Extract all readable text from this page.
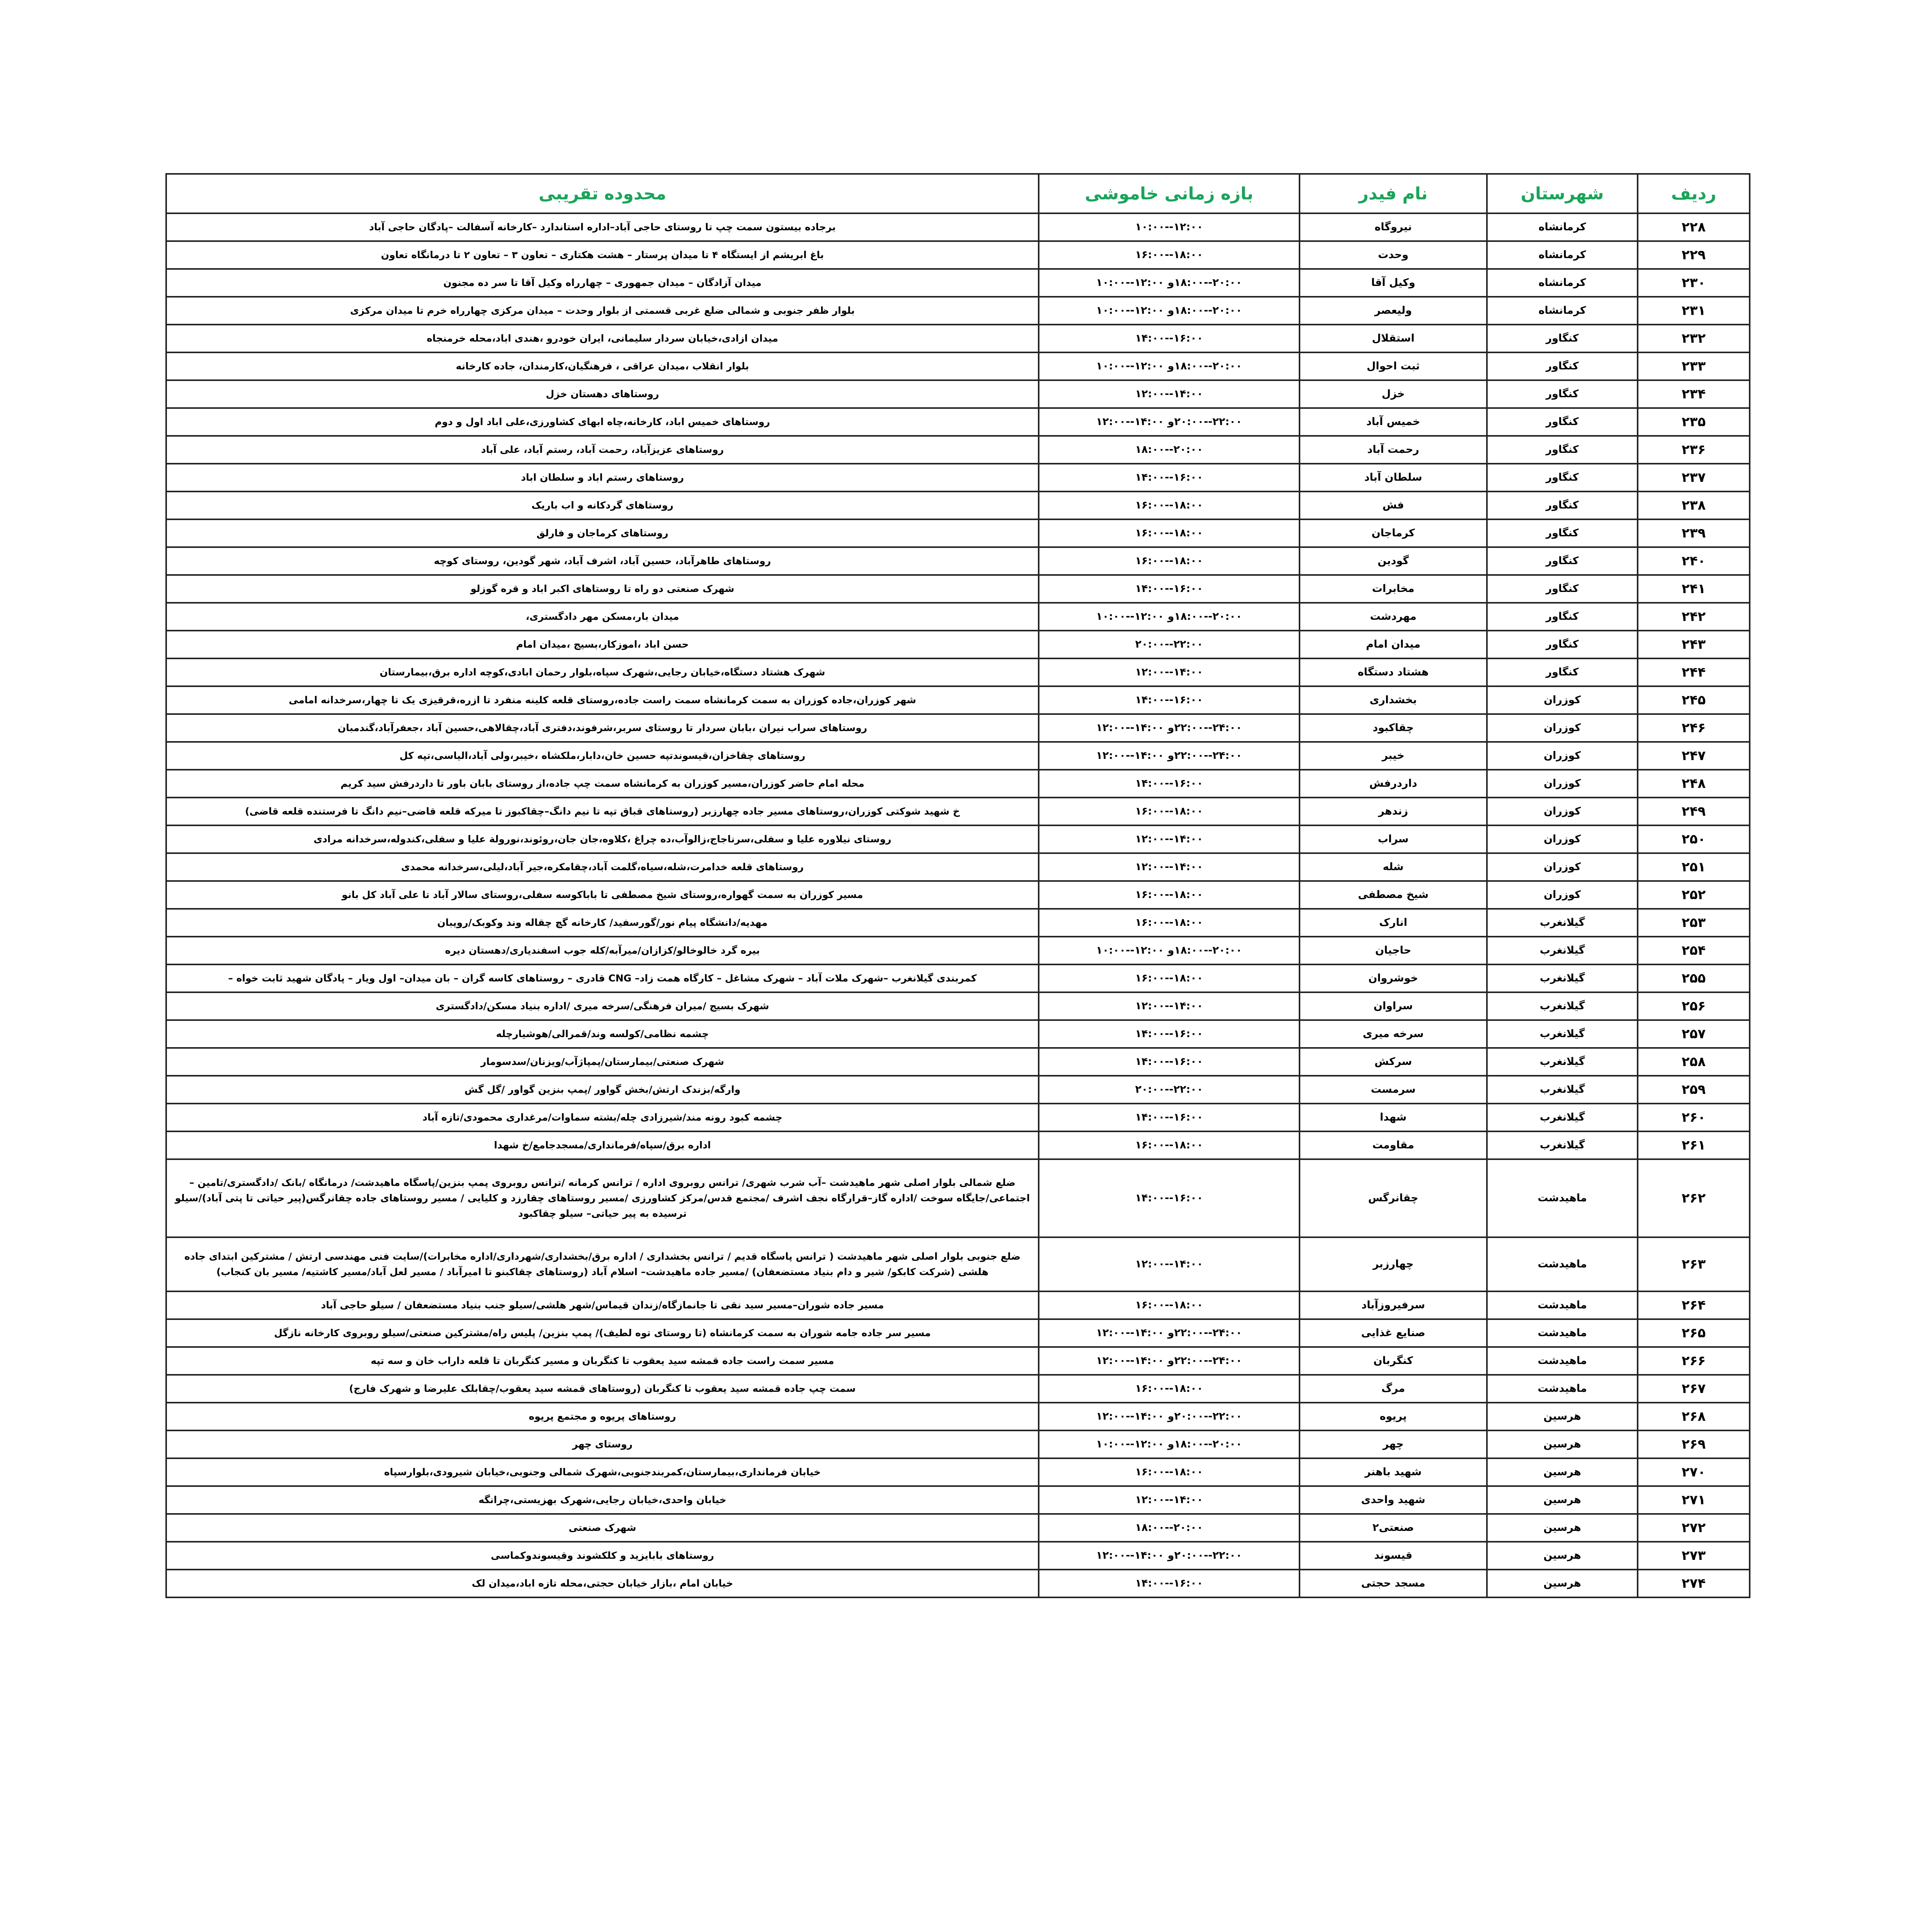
ردیف	شهرستان	نام فیدر	بازه زمانی خاموشی	محدوده تقریبی
۲۲۸	کرمانشاه	نیروگاه	۱۲:۰۰--۱۰:۰۰	برجاده بیستون سمت چپ تا روستای حاجی آباد–اداره استاندارد –کارخانه آسفالت –پادگان حاجی آباد
۲۲۹	کرمانشاه	وحدت	۱۸:۰۰--۱۶:۰۰	باغ ابریشم از ایستگاه ۴ تا میدان پرستار – هشت هکتاری – تعاون ۳ – تعاون ۲ تا درمانگاه تعاون
۲۳۰	کرمانشاه	وکیل آقا	۲۰:۰۰--۱۸:۰۰و ۱۲:۰۰--۱۰:۰۰	میدان آزادگان – میدان جمهوری – چهارراه وکیل آقا تا سر ده مجنون
۲۳۱	کرمانشاه	ولیعصر	۲۰:۰۰--۱۸:۰۰و ۱۲:۰۰--۱۰:۰۰	بلوار ظفر جنوبی و شمالی ضلع غربی قسمتی از بلوار وحدت – میدان مرکزی چهارراه خرم تا میدان مرکزی
۲۳۲	کنگاور	استقلال	۱۶:۰۰--۱۴:۰۰	میدان ازادی،خیابان سردار سلیمانی، ایران خودرو ،هندی اباد،محله خرمنجاه
۲۳۳	کنگاور	ثبت احوال	۲۰:۰۰--۱۸:۰۰و ۱۲:۰۰--۱۰:۰۰	بلوار انقلاب ،میدان عراقی ، فرهنگیان،کارمندان، جاده کارخانه
۲۳۴	کنگاور	خزل	۱۴:۰۰--۱۲:۰۰	روستاهای دهستان خزل
۲۳۵	کنگاور	خمیس آباد	۲۲:۰۰--۲۰:۰۰و ۱۴:۰۰--۱۲:۰۰	روستاهای خمیس اباد، کارخانه،چاه ابهای کشاورزی،علی اباد اول و دوم
۲۳۶	کنگاور	رحمت آباد	۲۰:۰۰--۱۸:۰۰	روستاهای عزیزآباد، رحمت آباد، رستم آباد، علی آباد
۲۳۷	کنگاور	سلطان آباد	۱۶:۰۰--۱۴:۰۰	روستاهای رستم اباد و سلطان اباد
۲۳۸	کنگاور	فش	۱۸:۰۰--۱۶:۰۰	روستاهای گردکانه و اب باریک
۲۳۹	کنگاور	کرماجان	۱۸:۰۰--۱۶:۰۰	روستاهای کرماجان و فارلق
۲۴۰	کنگاور	گودین	۱۸:۰۰--۱۶:۰۰	روستاهای طاهرآباد، حسین آباد، اشرف آباد، شهر گودین، روستای کوچه
۲۴۱	کنگاور	مخابرات	۱۶:۰۰--۱۴:۰۰	شهرک صنعتی دو راه تا روستاهای اکبر اباد و قره گوزلو
۲۴۲	کنگاور	مهردشت	۲۰:۰۰--۱۸:۰۰و ۱۲:۰۰--۱۰:۰۰	میدان بار،مسکن مهر دادگستری،
۲۴۳	کنگاور	میدان امام	۲۲:۰۰--۲۰:۰۰	حسن اباد ،اموزکار،بسیج ،میدان امام
۲۴۴	کنگاور	هشتاد دستگاه	۱۴:۰۰--۱۲:۰۰	شهرک هشتاد دستگاه،خیابان رجایی،شهرک سپاه،بلوار رحمان ابادی،کوچه اداره برق،بیمارستان
۲۴۵	کوزران	بخشداری	۱۶:۰۰--۱۴:۰۰	شهر کوزران،جاده کوزران به سمت کرمانشاه سمت راست جاده،روستای قلعه کلینه منفرد تا ازره،قرقیزی یک تا چهار،سرخدانه امامی
۲۴۶	کوزران	چقاکبود	۲۴:۰۰--۲۲:۰۰و ۱۴:۰۰--۱۲:۰۰	روستاهای سراب نیران ،بابان سردار تا روستای سربر،شرفوند،دفتری آباد،چقالاهی،حسین آباد ،جعفرآباد،گندمبان
۲۴۷	کوزران	خیبر	۲۴:۰۰--۲۲:۰۰و ۱۴:۰۰--۱۲:۰۰	روستاهای چقاخزان،قیسوندتپه حسین خان،دابار،ملکشاه ،خیبر،ولی آباد،الیاسی،تپه کل
۲۴۸	کوزران	داردرفش	۱۶:۰۰--۱۴:۰۰	محله امام حاضر کوزران،مسیر کوزران به کرمانشاه سمت چپ جاده،از روستای بابان باور تا داردرفش سید کریم
۲۴۹	کوزران	زندهر	۱۸:۰۰--۱۶:۰۰	خ شهید شوکتی کوزران،روستاهای مسیر جاده چهارزبر (روستاهای قباق تپه تا نیم دانگ–چقاکبوز تا میرکه قلعه قاضی–نیم دانگ تا فرستنده قلعه قاضی)
۲۵۰	کوزران	سراب	۱۴:۰۰--۱۲:۰۰	روستای نیلاوره علیا و سفلی،سرناجاج،زالوآب،ده چراغ ،کلاوه،جان جان،روئوند،نورولة علیا و سفلی،کندوله،سرخدانه مرادی
۲۵۱	کوزران	شله	۱۴:۰۰--۱۲:۰۰	روستاهای قلعه خدامرت،شله،سیاه،گلمت آباد،چقامکره،جیر آباد،لیلی،سرخدانه محمدی
۲۵۲	کوزران	شیخ مصطفی	۱۸:۰۰--۱۶:۰۰	مسیر کوزران به سمت گهواره،روستای شیخ مصطفی تا باباکوسه سفلی،روستای سالار آباد تا علی آباد کل بانو
۲۵۳	گیلانغرب	انارک	۱۸:۰۰--۱۶:۰۰	مهدیه/دانشگاه پیام نور/گورسفید/ کارخانه گچ چقاله وند وکوبک/رویبان
۲۵۴	گیلانغرب	حاجیان	۲۰:۰۰--۱۸:۰۰و ۱۲:۰۰--۱۰:۰۰	بیره گرد خالوخالو/کزازان/میرآبه/کله جوب اسفندیاری/دهستان دیره
۲۵۵	گیلانغرب	خوشروان	۱۸:۰۰--۱۶:۰۰	کمربندی گیلانغرب –شهرک ملات آباد – شهرک مشاغل – کارگاه همت زاد– CNG قادری – روستاهای کاسه گران – بان میدان– اول ویار – پادگان شهید ثابت خواه –
۲۵۶	گیلانغرب	سراوان	۱۴:۰۰--۱۲:۰۰	شهرک بسیج /میران فرهنگی/سرخه میری /اداره بنیاد مسکن/دادگستری
۲۵۷	گیلانغرب	سرخه میری	۱۶:۰۰--۱۴:۰۰	چشمه نظامی/کولسه وند/قمرالی/هوشیارچله
۲۵۸	گیلانغرب	سرکش	۱۶:۰۰--۱۴:۰۰	شهرک صنعتی/بیمارستان/پمپاژآب/ویزنان/سدسومار
۲۵۹	گیلانغرب	سرمست	۲۲:۰۰--۲۰:۰۰	وارگه/بزندک ارتش/بخش گواور /پمپ بنزین گواور /گل گش
۲۶۰	گیلانغرب	شهدا	۱۶:۰۰--۱۴:۰۰	چشمه کبود رونه مند/شیرزادی چله/بشته سماوات/مرغداری محمودی/تازه آباد
۲۶۱	گیلانغرب	مقاومت	۱۸:۰۰--۱۶:۰۰	اداره برق/سپاه/فرمانداری/مسجدجامع/خ شهدا
۲۶۲	ماهیدشت	چقانرگس	۱۶:۰۰--۱۴:۰۰	ضلع شمالی بلوار اصلی شهر ماهیدشت –آب شرب شهری/ ترانس روبروی اداره / ترانس کرمانه /ترانس روبروی پمپ بنزین/پاسگاه ماهیدشت/ درمانگاه /بانک /دادگستری/تامین – اجتماعی/جایگاه سوخت /اداره گاز–قرارگاه نجف اشرف /مجتمع قدس/مرکز کشاورزی /مسیر روستاهای چقارزد و کلیایی / مسیر روستاهای جاده چقانرگس(پیر حیاتی تا پتی آباد)/سیلو ترسیده به پیر حیاتی– سیلو چقاکبود
۲۶۳	ماهیدشت	چهارزبر	۱۴:۰۰--۱۲:۰۰	ضلع جنوبی بلوار اصلی شهر ماهیدشت ( ترانس پاسگاه قدیم / ترانس بخشداری / اداره برق/بخشداری/شهرداری/اداره مخابرات)/سایت فنی مهندسی ارتش / مشترکین ابتدای جاده هلشی (شرکت کابکو/ شیر و دام بنیاد مستضعفان) /مسیر جاده ماهیدشت– اسلام آباد (روستاهای چقاکبنو تا امیرآباد / مسیر لعل آباد/مسیر کاشتیه/ مسیر بان کنجاب)
۲۶۴	ماهیدشت	سرفیروزآباد	۱۸:۰۰--۱۶:۰۰	مسیر جاده شوران–مسیر سید نقی تا جانمازگاه/زندان قیماس/شهر هلشی/سیلو جنب بنیاد مستضعفان / سیلو حاجی آباد
۲۶۵	ماهیدشت	صنایع غذایی	۲۴:۰۰--۲۲:۰۰و ۱۴:۰۰--۱۲:۰۰	مسیر سر جاده جامه شوران به سمت کرمانشاه (تا روستای توه لطیف)/ پمپ بنزین/ پلیس راه/مشترکین صنعتی/سیلو روبروی کارخانه نازگل
۲۶۶	ماهیدشت	کنگربان	۲۴:۰۰--۲۲:۰۰و ۱۴:۰۰--۱۲:۰۰	مسیر سمت راست جاده قمشه سید یعقوب تا کنگربان و مسیر کنگربان تا قلعه داراب خان و سه تپه
۲۶۷	ماهیدشت	مرگ	۱۸:۰۰--۱۶:۰۰	سمت چپ جاده قمشه سید یعقوب تا کنگربان (روستاهای قمشه سید یعقوب/چقابلک علیرضا و شهرک فارج)
۲۶۸	هرسین	پریوه	۲۲:۰۰--۲۰:۰۰و ۱۴:۰۰--۱۲:۰۰	روستاهای پریوه و مجتمع پریوه
۲۶۹	هرسین	چهر	۲۰:۰۰--۱۸:۰۰و ۱۲:۰۰--۱۰:۰۰	روستای چهر
۲۷۰	هرسین	شهید باهنر	۱۸:۰۰--۱۶:۰۰	خیابان فرمانداری،بیمارستان،کمربندجنوبی،شهرک شمالی وجنوبی،خیابان شیرودی،بلوارسپاه
۲۷۱	هرسین	شهید واحدی	۱۴:۰۰--۱۲:۰۰	خیابان واحدی،خیابان رجایی،شهرک بهزیستی،چرانگه
۲۷۲	هرسین	صنعتی۲	۲۰:۰۰--۱۸:۰۰	شهرک صنعتی
۲۷۳	هرسین	قیسوند	۲۲:۰۰--۲۰:۰۰و ۱۴:۰۰--۱۲:۰۰	روستاهای بابایزید و کلکشوند وقیسوندوکماسی
۲۷۴	هرسین	مسجد حجتی	۱۶:۰۰--۱۴:۰۰	خیابان امام ،بازار خیابان حجتی،محله تازه اباد،میدان لک
